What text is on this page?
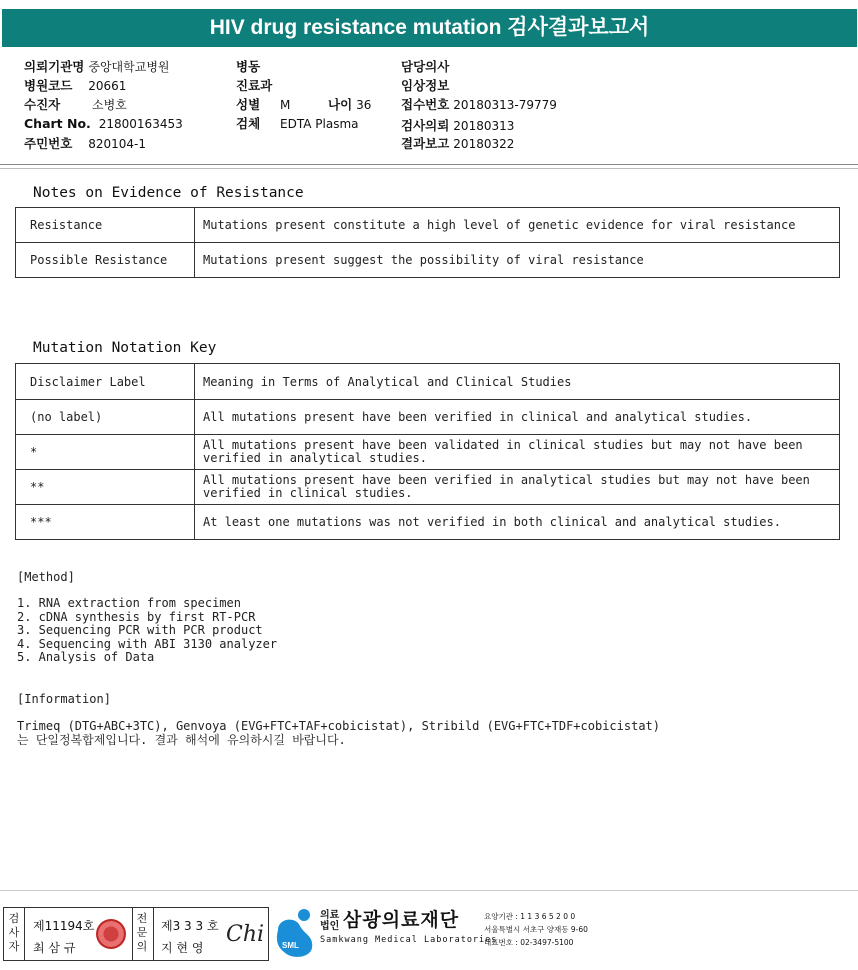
HIV drug resistance mutation 검사결과보고서
의뢰기관명 중앙대학교병원
병원코드 20661
수진자	소병호
Chart No. 21800163453
주민번호 820104-1
병동
진료과
성별 M	나이 36
검체 EDTA Plasma
담당의사
임상정보
접수번호 20180313-79779
검사의뢰 20180313
결과보고 20180322
Notes on Evidence of Resistance
Resistance	Mutations present constitute a high level of genetic evidence for viral resistance
Possible Resistance	Mutations present suggest the possibility of viral resistance
Mutation Notation Key
Disclaimer Label	Meaning in Terms of Analytical and Clinical Studies
(no label)	All mutations present have been verified in clinical and analytical studies.
*	All mutations present have been validated in clinical studies but may not have been verified in analytical studies.
**	All mutations present have been verified in analytical studies but may not have been verified in clinical studies.
***	At least one mutations was not verified in both clinical and analytical studies.
[Method]
1. RNA extraction from specimen
2. cDNA synthesis by first RT-PCR
3. Sequencing PCR with PCR product
4. Sequencing with ABI 3130 analyzer
5. Analysis of Data
[Information]
Trimeq (DTG+ABC+3TC), Genvoya (EVG+FTC+TAF+cobicistat), Stribild (EVG+FTC+TDF+cobicistat)
는 단일정복합제입니다. 결과 해석에 유의하시길 바랍니다.
검
사
자
제11194호
최 삼 규
전
문
의
제3 3 3 호
지 현 영
Chi SML
의료
법인 삼광의료재단
Samkwang Medical Laboratories
요양기관 : 1 1 3 6 5 2 0 0
서울특별시 서초구 양재동 9-60
대표번호 : 02-3497-5100
